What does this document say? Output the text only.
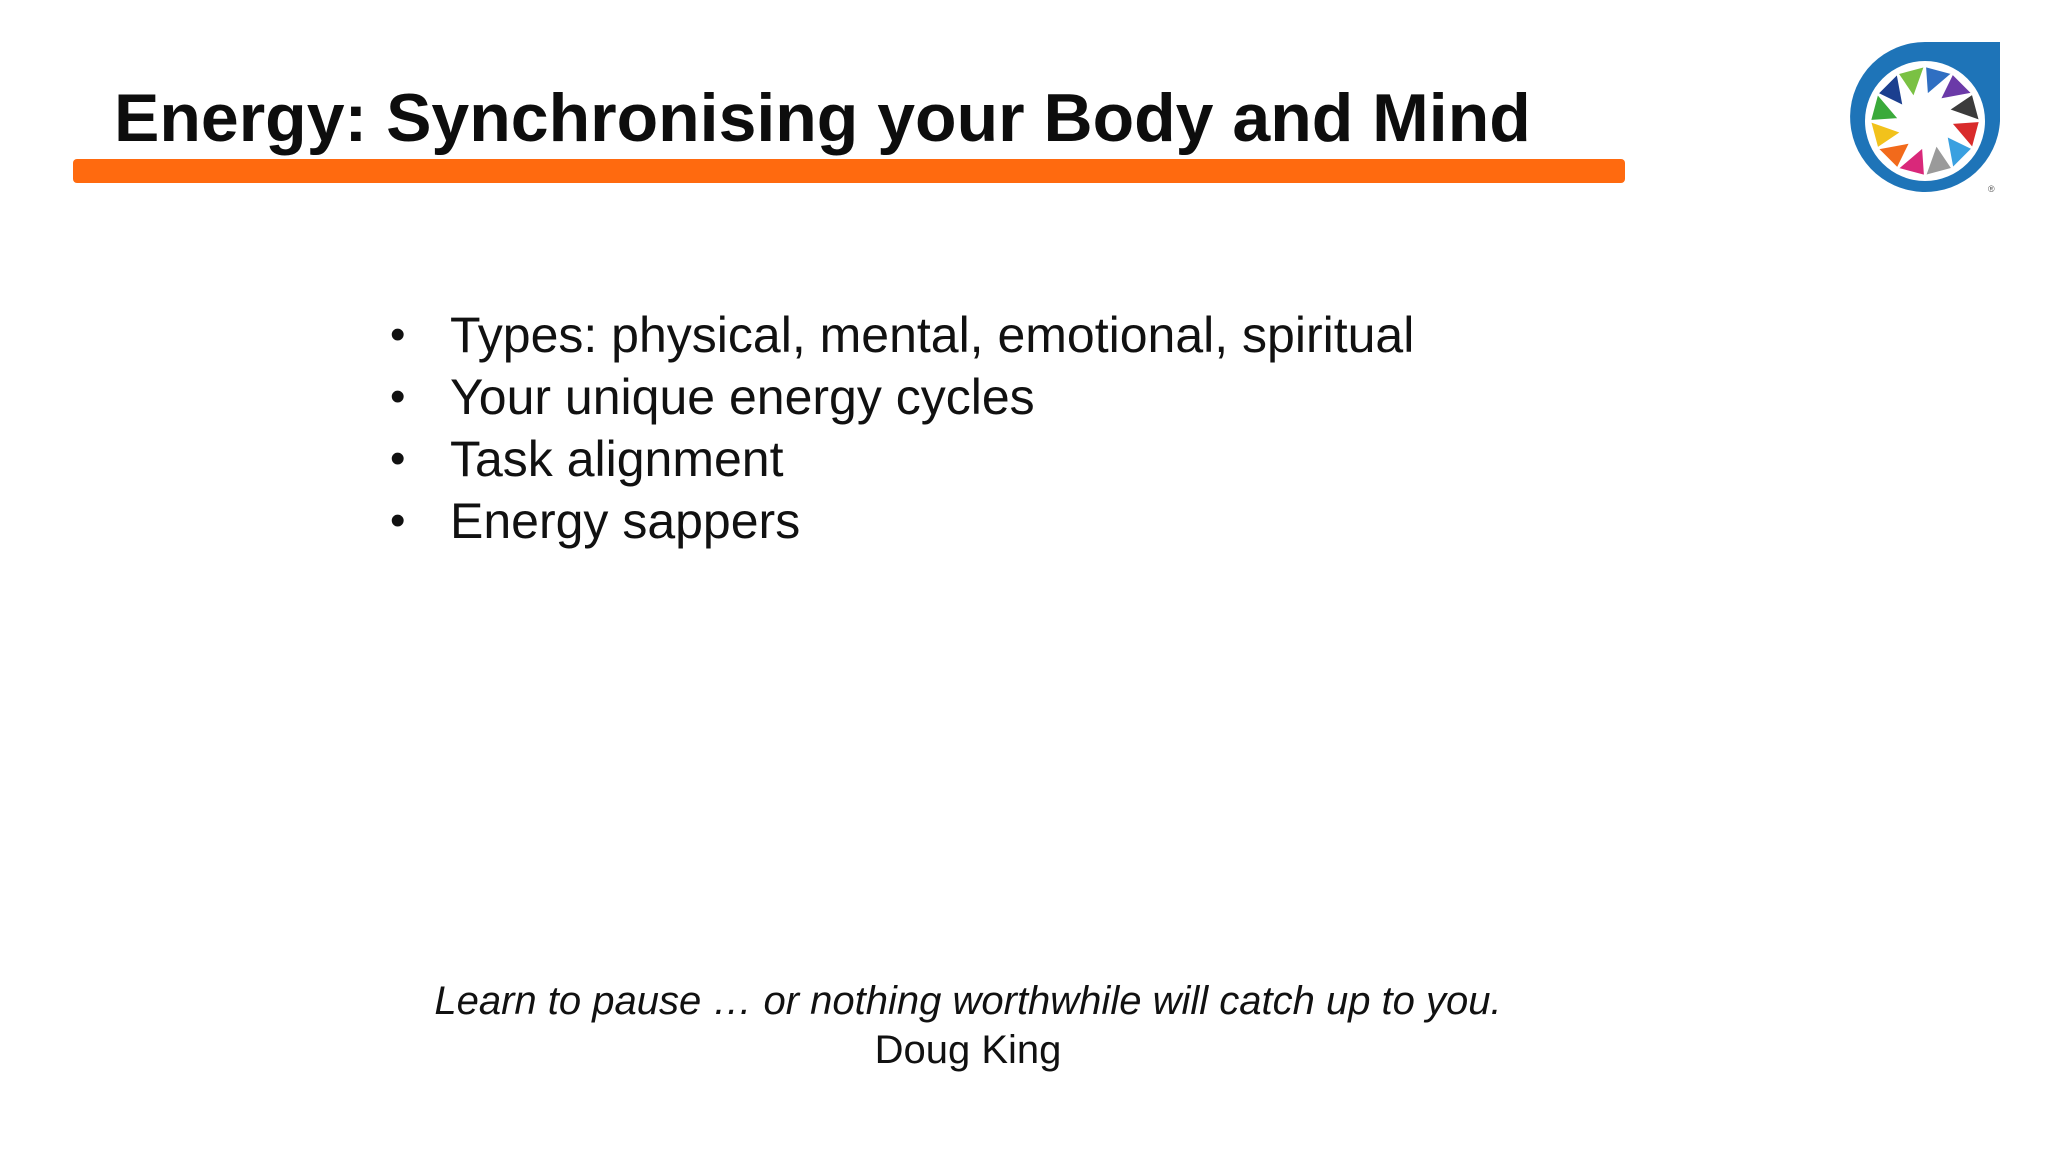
Energy: Synchronising your Body and Mind
®
• Types: physical, mental, emotional, spiritual
• Your unique energy cycles
• Task alignment
• Energy sappers
Learn to pause … or nothing worthwhile will catch up to you.
Doug King
